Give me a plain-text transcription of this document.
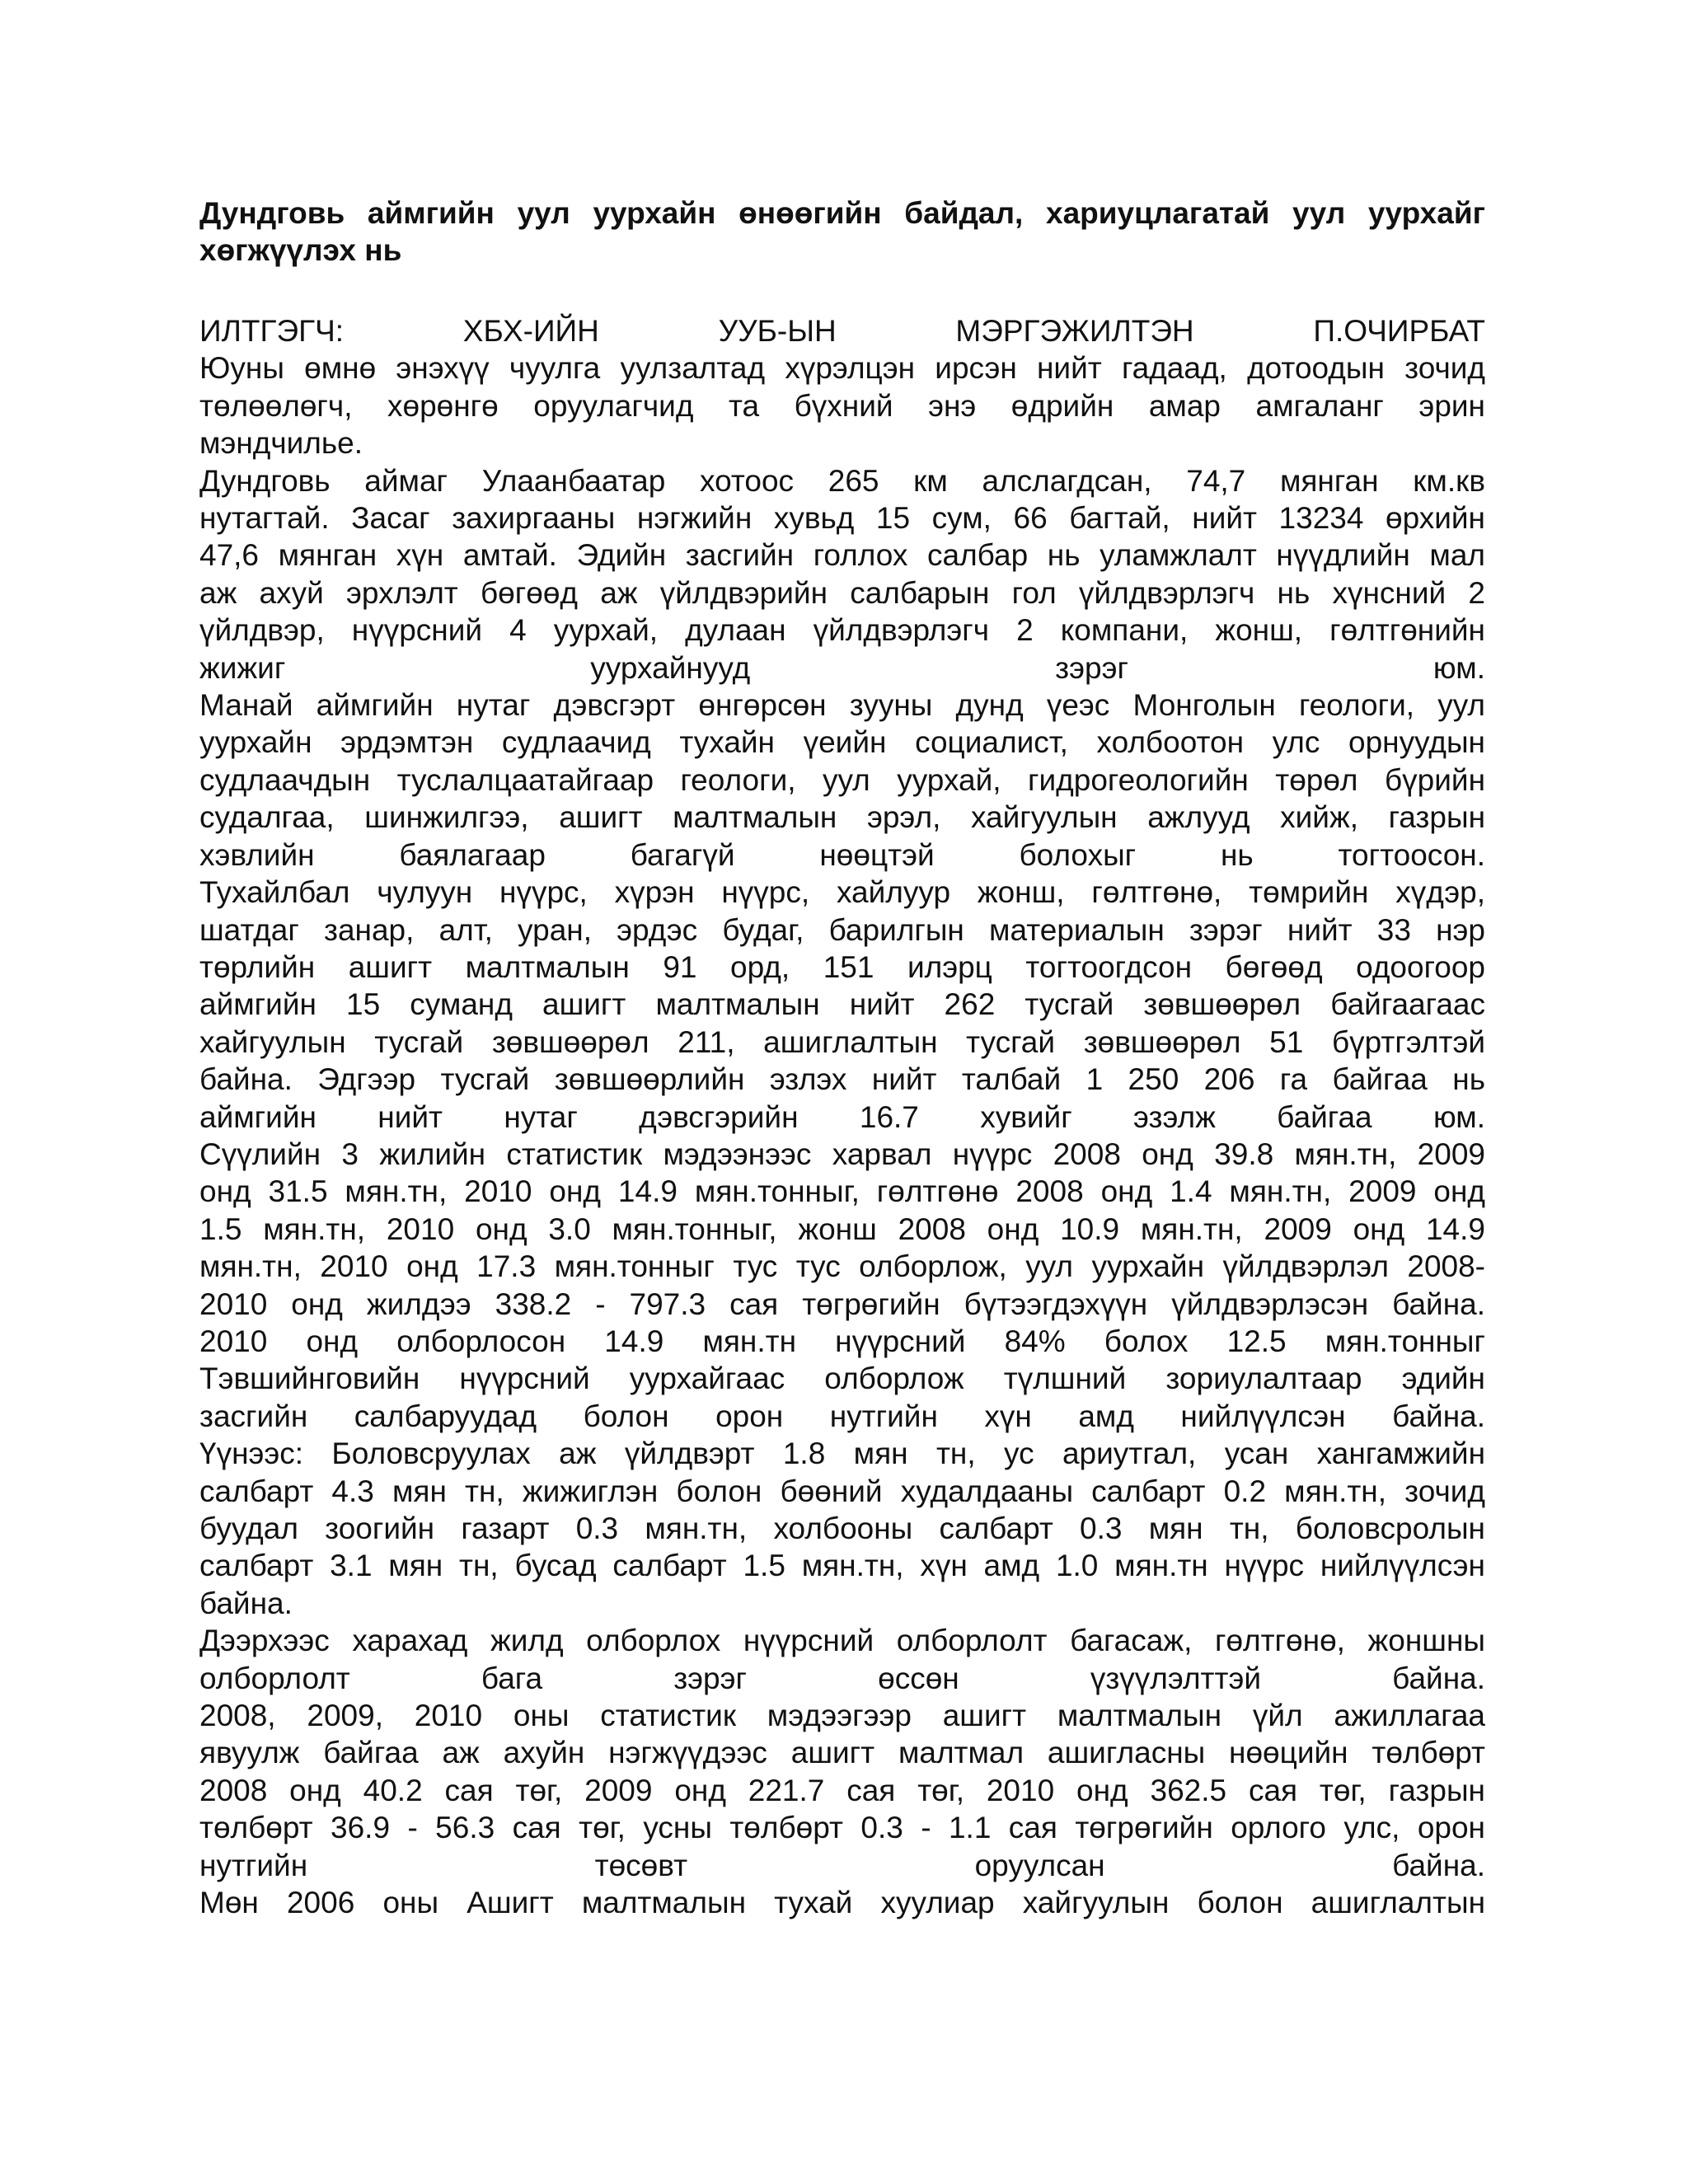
Дундговь аймгийн уул уурхайн өнөөгийн байдал, хариуцлагатай уул уурхайг
хөгжүүлэх нь
ИЛТГЭГЧ: ХБХ-ИЙН УУБ-ЫН МЭРГЭЖИЛТЭН П.ОЧИРБАТ
Юуны өмнө энэхүү чуулга уулзалтад хүрэлцэн ирсэн нийт гадаад, дотоодын зочид
төлөөлөгч, хөрөнгө оруулагчид та бүхний энэ өдрийн амар амгаланг эрин
мэндчилье.
Дундговь аймаг Улаанбаатар хотоос 265 км алслагдсан, 74,7 мянган км.кв
нутагтай. Засаг захиргааны нэгжийн хувьд 15 сум, 66 багтай, нийт 13234 өрхийн
47,6 мянган хүн амтай. Эдийн засгийн голлох салбар нь уламжлалт нүүдлийн мал
аж ахуй эрхлэлт бөгөөд аж үйлдвэрийн салбарын гол үйлдвэрлэгч нь хүнсний 2
үйлдвэр, нүүрсний 4 уурхай, дулаан үйлдвэрлэгч 2 компани, жонш, гөлтгөнийн
жижиг уурхайнууд зэрэг юм.
Манай аймгийн нутаг дэвсгэрт өнгөрсөн зууны дунд үеэс Монголын геологи, уул
уурхайн эрдэмтэн судлаачид тухайн үеийн социалист, холбоотон улс орнуудын
судлаачдын туслалцаатайгаар геологи, уул уурхай, гидрогеологийн төрөл бүрийн
судалгаа, шинжилгээ, ашигт малтмалын эрэл, хайгуулын ажлууд хийж, газрын
хэвлийн баялагаар багагүй нөөцтэй болохыг нь тогтоосон.
Тухайлбал чулуун нүүрс, хүрэн нүүрс, хайлуур жонш, гөлтгөнө, төмрийн хүдэр,
шатдаг занар, алт, уран, эрдэс будаг, барилгын материалын зэрэг нийт 33 нэр
төрлийн ашигт малтмалын 91 орд, 151 илэрц тогтоогдсон бөгөөд одоогоор
аймгийн 15 суманд ашигт малтмалын нийт 262 тусгай зөвшөөрөл байгаагаас
хайгуулын тусгай зөвшөөрөл 211, ашиглалтын тусгай зөвшөөрөл 51 бүртгэлтэй
байна. Эдгээр тусгай зөвшөөрлийн эзлэх нийт талбай 1 250 206 га байгаа нь
аймгийн нийт нутаг дэвсгэрийн 16.7 хувийг эзэлж байгаа юм.
Сүүлийн 3 жилийн статистик мэдээнээс харвал нүүрс 2008 онд 39.8 мян.тн, 2009
онд 31.5 мян.тн, 2010 онд 14.9 мян.тонныг, гөлтгөнө 2008 онд 1.4 мян.тн, 2009 онд
1.5 мян.тн, 2010 онд 3.0 мян.тонныг, жонш 2008 онд 10.9 мян.тн, 2009 онд 14.9
мян.тн, 2010 онд 17.3 мян.тонныг тус тус олборлож, уул уурхайн үйлдвэрлэл 2008-
2010 онд жилдээ 338.2 - 797.3 сая төгрөгийн бүтээгдэхүүн үйлдвэрлэсэн байна.
2010 онд олборлосон 14.9 мян.тн нүүрсний 84% болох 12.5 мян.тонныг
Тэвшийнговийн нүүрсний уурхайгаас олборлож түлшний зориулалтаар эдийн
засгийн салбаруудад болон орон нутгийн хүн амд нийлүүлсэн байна.
Үүнээс: Боловсруулах аж үйлдвэрт 1.8 мян тн, ус ариутгал, усан хангамжийн
салбарт 4.3 мян тн, жижиглэн болон бөөний худалдааны салбарт 0.2 мян.тн, зочид
буудал зоогийн газарт 0.3 мян.тн, холбооны салбарт 0.3 мян тн, боловсролын
салбарт 3.1 мян тн, бусад салбарт 1.5 мян.тн, хүн амд 1.0 мян.тн нүүрс нийлүүлсэн
байна.
Дээрхээс харахад жилд олборлох нүүрсний олборлолт багасаж, гөлтгөнө, жоншны
олборлолт бага зэрэг өссөн үзүүлэлттэй байна.
2008, 2009, 2010 оны статистик мэдээгээр ашигт малтмалын үйл ажиллагаа
явуулж байгаа аж ахуйн нэгжүүдээс ашигт малтмал ашигласны нөөцийн төлбөрт
2008 онд 40.2 сая төг, 2009 онд 221.7 сая төг, 2010 онд 362.5 сая төг, газрын
төлбөрт 36.9 - 56.3 сая төг, усны төлбөрт 0.3 - 1.1 сая төгрөгийн орлого улс, орон
нутгийн төсөвт оруулсан байна.
Мөн 2006 оны Ашигт малтмалын тухай хуулиар хайгуулын болон ашиглалтын
